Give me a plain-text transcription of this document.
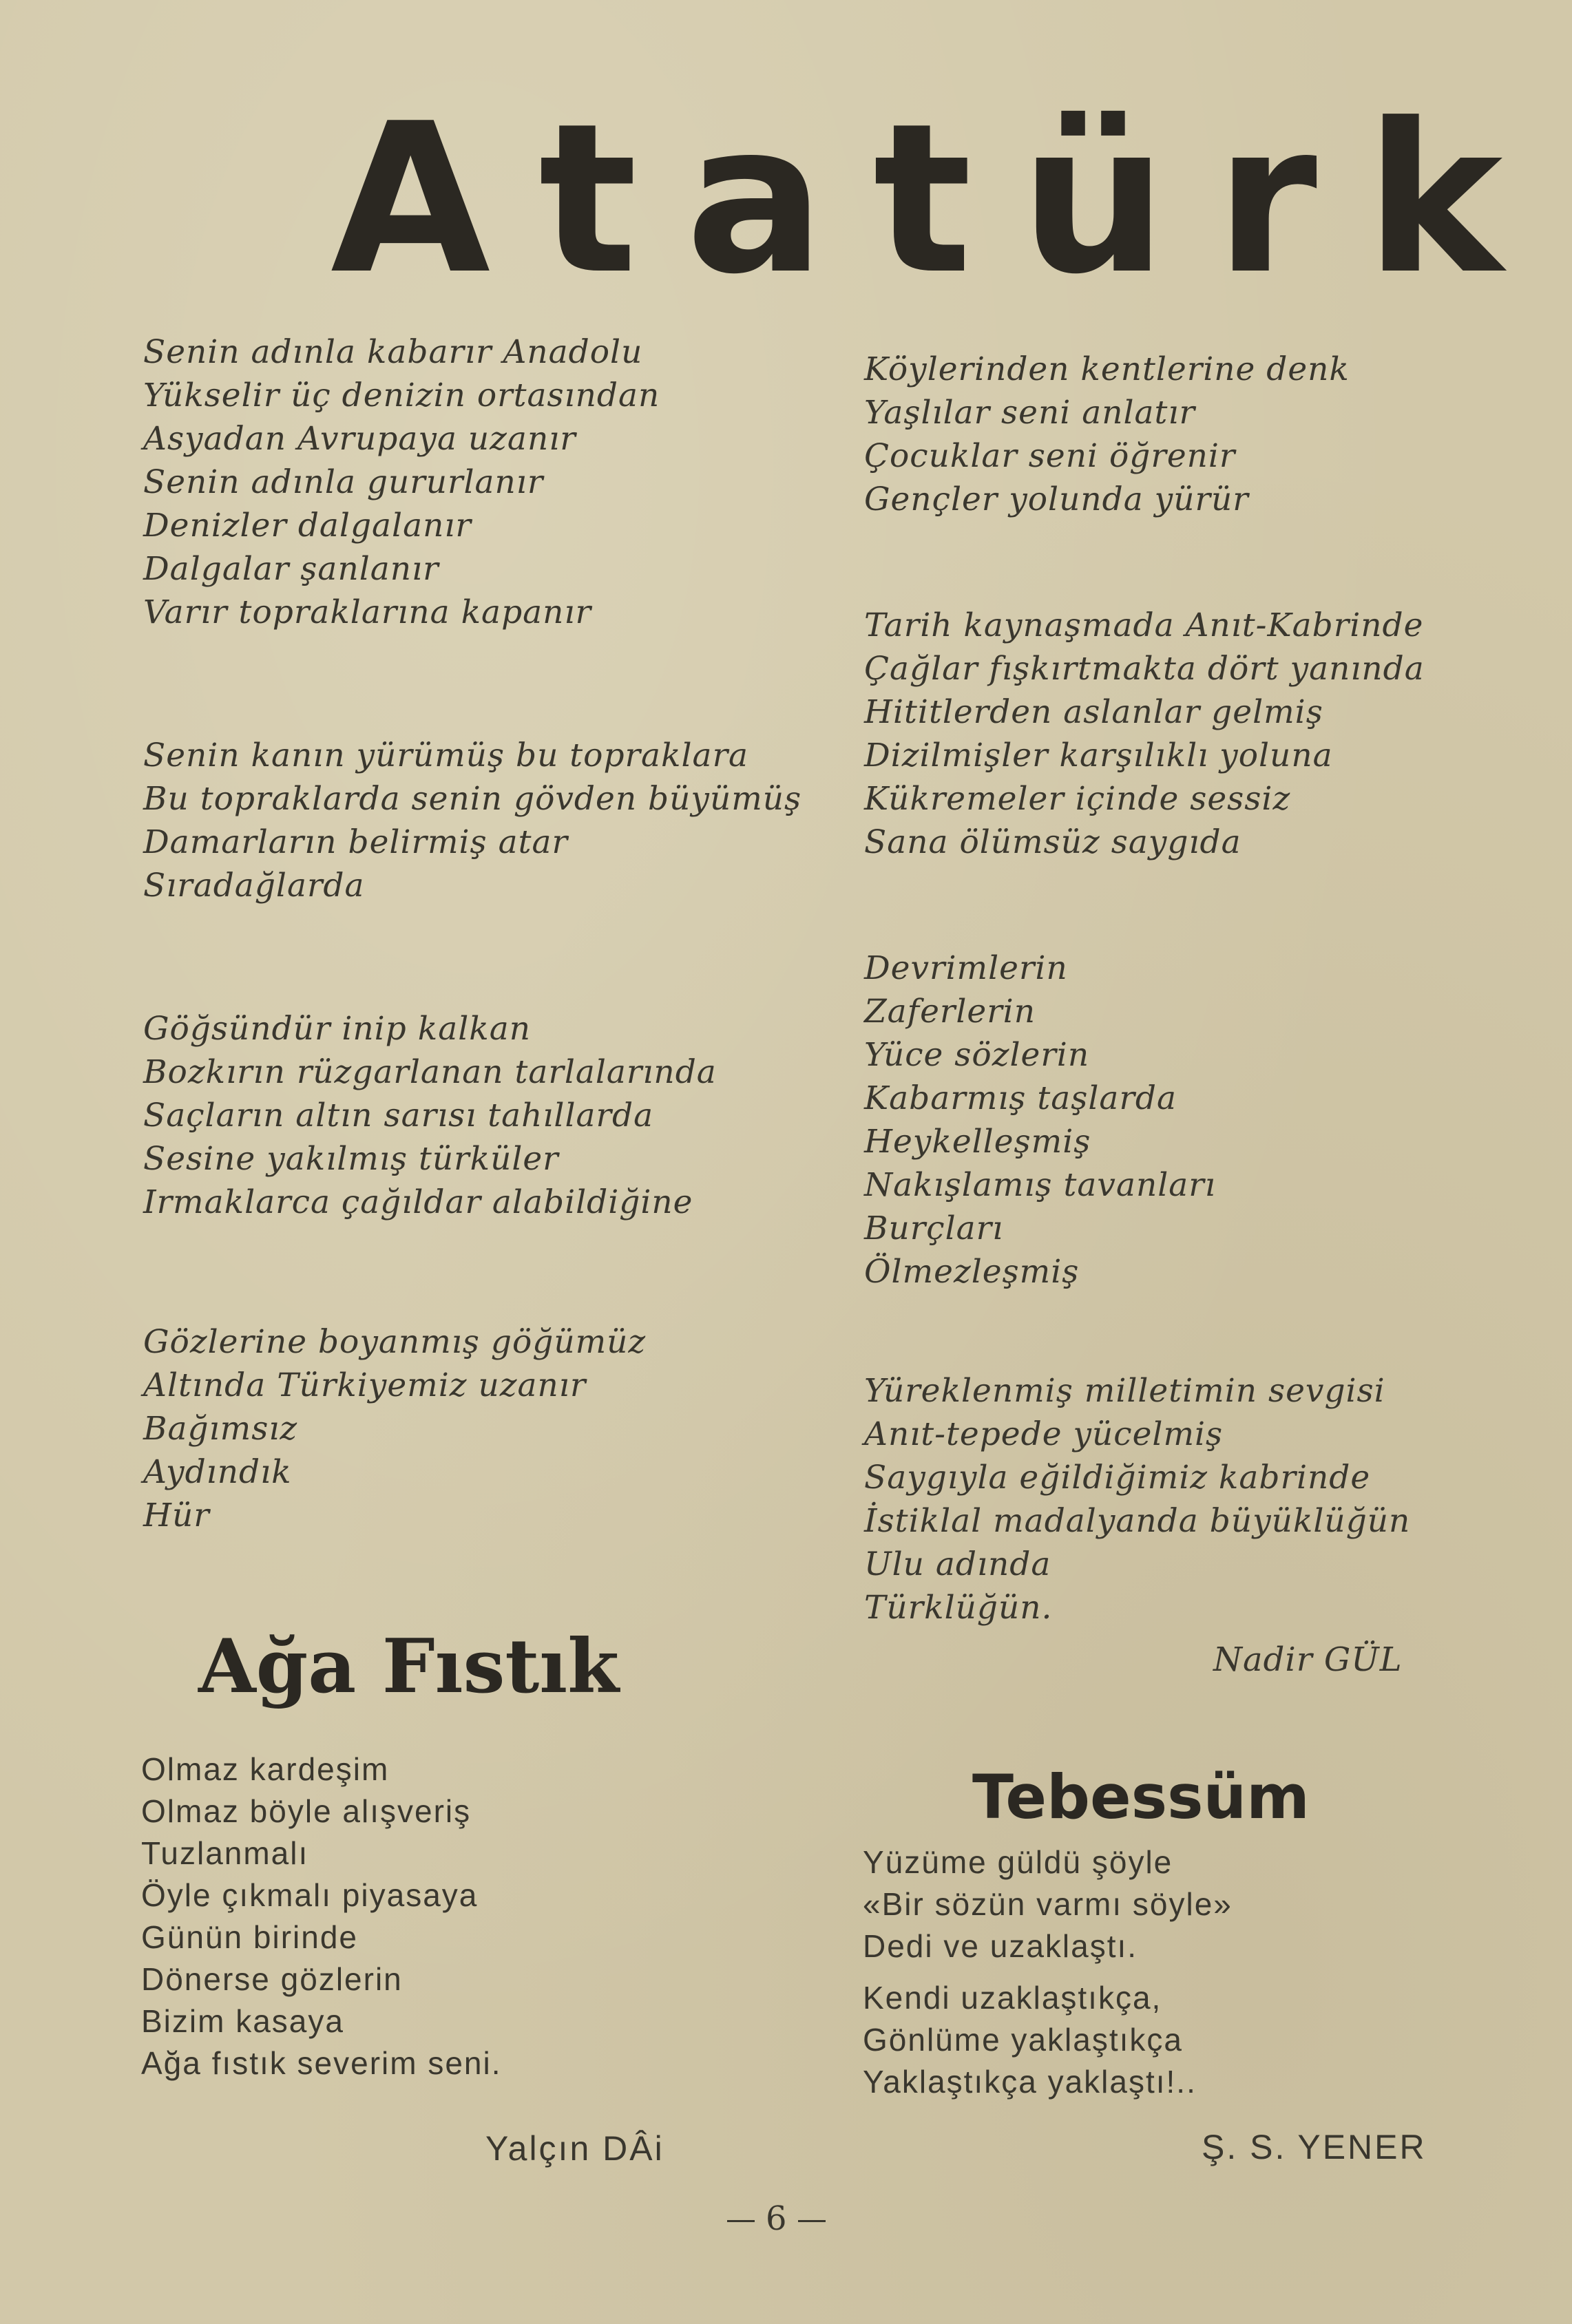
Atatürk
Senin adınla kabarır Anadolu
Yükselir üç denizin ortasından
Asyadan Avrupaya uzanır
Senin adınla gururlanır
Denizler dalgalanır
Dalgalar şanlanır
Varır topraklarına kapanır
Senin kanın yürümüş bu topraklara
Bu topraklarda senin gövden büyümüş
Damarların belirmiş atar
Sıradağlarda
Göğsündür inip kalkan
Bozkırın rüzgarlanan tarlalarında
Saçların altın sarısı tahıllarda
Sesine yakılmış türküler
Irmaklarca çağıldar alabildiğine
Gözlerine boyanmış göğümüz
Altında Türkiyemiz uzanır
Bağımsız
Aydındık
Hür
Köylerinden kentlerine denk
Yaşlılar seni anlatır
Çocuklar seni öğrenir
Gençler yolunda yürür
Tarih kaynaşmada Anıt-Kabrinde
Çağlar fışkırtmakta dört yanında
Hititlerden aslanlar gelmiş
Dizilmişler karşılıklı yoluna
Kükremeler içinde sessiz
Sana ölümsüz saygıda
Devrimlerin
Zaferlerin
Yüce sözlerin
Kabarmış taşlarda
Heykelleşmiş
Nakışlamış tavanları
Burçları
Ölmezleşmiş
Yüreklenmiş milletimin sevgisi
Anıt-tepede yücelmiş
Saygıyla eğildiğimiz kabrinde
İstiklal madalyanda büyüklüğün
Ulu adında
Türklüğün.
Nadir GÜL
Ağa Fıstık
Olmaz kardeşim
Olmaz böyle alışveriş
Tuzlanmalı
Öyle çıkmalı piyasaya
Günün birinde
Dönerse gözlerin
Bizim kasaya
Ağa fıstık severim seni.
Yalçın DÂi
Tebessüm
Yüzüme güldü şöyle
«Bir sözün varmı söyle»
Dedi ve uzaklaştı.
Kendi uzaklaştıkça,
Gönlüme yaklaştıkça
Yaklaştıkça yaklaştı!..
Ş. S. YENER
6
